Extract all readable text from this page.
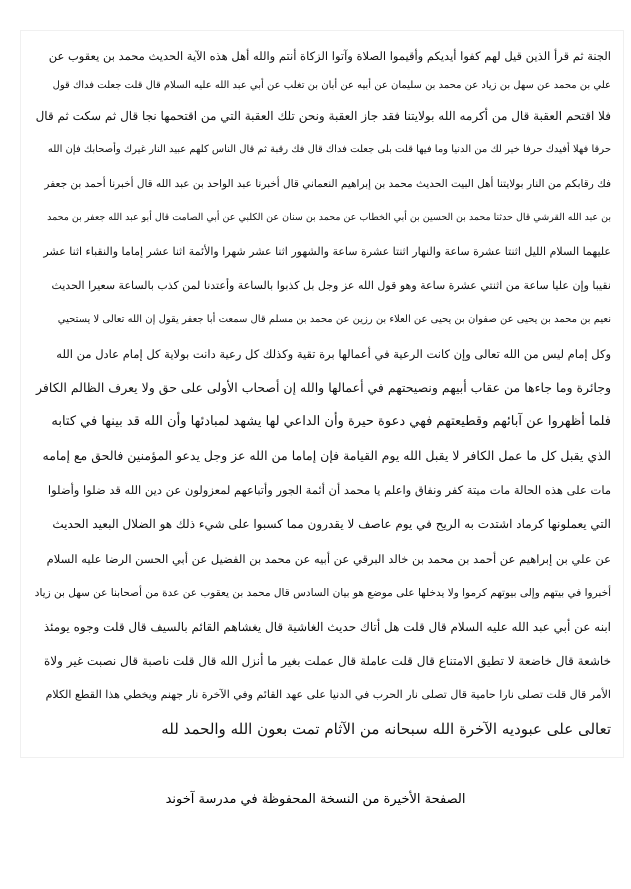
الجنة ثم قرأ الذين قيل لهم كفوا أيديكم وأقيموا الصلاة وآتوا الزكاة أنتم والله أهل هذه الآية الحديث محمد بن يعقوب عن
علي بن محمد عن سهل بن زياد عن محمد بن سليمان عن أبيه عن أبان بن تغلب عن أبي عبد الله عليه السلام قال قلت جعلت فداك قول
فلا اقتحم العقبة قال من أكرمه الله بولايتنا فقد جاز العقبة ونحن تلك العقبة التي من اقتحمها نجا قال ثم سكت ثم قال
حرقا فهلا أفيدك حرفا خير لك من الدنيا وما فيها قلت بلى جعلت فداك قال فك رقبة ثم قال الناس كلهم عبيد النار غيرك وأصحابك فإن الله
فك رقابكم من النار بولايتنا أهل البيت الحديث محمد بن إبراهيم النعماني قال أخبرنا عبد الواحد بن عبد الله قال أخبرنا أحمد بن جعفر
بن عبد الله القرشي قال حدثنا محمد بن الحسين بن أبي الخطاب عن محمد بن سنان عن الكلبي عن أبي الصامت قال أبو عبد الله جعفر بن محمد
عليهما السلام الليل اثنتا عشرة ساعة والنهار اثنتا عشرة ساعة والشهور اثنا عشر شهرا والأئمة اثنا عشر إماما والنقباء اثنا عشر
نقيبا وإن عليا ساعة من اثنتي عشرة ساعة وهو قول الله عز وجل بل كذبوا بالساعة وأعتدنا لمن كذب بالساعة سعيرا الحديث
نعيم بن محمد بن يحيى عن صفوان بن يحيى عن العلاء بن رزين عن محمد بن مسلم قال سمعت أبا جعفر يقول إن الله تعالى لا يستحيي
وكل إمام ليس من الله تعالى وإن كانت الرعية في أعمالها برة تقية وكذلك كل رعية دانت بولاية كل إمام عادل من الله
وجائرة وما جاءها من عقاب أبيهم ونصيحتهم في أعمالها والله إن أصحاب الأولى على حق ولا يعرف الظالم الكافر
فلما أظهروا عن آبائهم وقطيعتهم فهي دعوة حيرة وأن الداعي لها يشهد لمبادئها وأن الله قد بينها في كتابه
الذي يقبل كل ما عمل الكافر لا يقبل الله يوم القيامة فإن إماما من الله عز وجل يدعو المؤمنين فالحق مع إمامه
مات على هذه الحالة مات ميتة كفر ونفاق واعلم يا محمد أن أئمة الجور وأتباعهم لمعزولون عن دين الله قد ضلوا وأضلوا
التي يعملونها كرماد اشتدت به الريح في يوم عاصف لا يقدرون مما كسبوا على شيء ذلك هو الضلال البعيد الحديث
عن علي بن إبراهيم عن أحمد بن محمد بن خالد البرقي عن أبيه عن محمد بن الفضيل عن أبي الحسن الرضا عليه السلام
أخبروا في بيتهم وإلى بيوتهم كرموا ولا يدخلها على موضع هو بيان السادس قال محمد بن يعقوب عن عدة من أصحابنا عن سهل بن زياد
ابنه عن أبي عبد الله عليه السلام قال قلت هل أتاك حديث الغاشية قال يغشاهم القائم بالسيف قال قلت وجوه يومئذ
خاشعة قال خاضعة لا تطيق الامتناع قال قلت عاملة قال عملت بغير ما أنزل الله قال قلت ناصبة قال نصبت غير ولاة
الأمر قال قلت تصلى نارا حامية قال تصلى نار الحرب في الدنيا على عهد القائم وفي الآخرة نار جهنم ويخطي هذا القطع الكلام
تعالى على عبوديه الآخرة الله سبحانه من الآثام تمت بعون الله والحمد لله
الصفحة الأخيرة من النسخة المحفوظة في مدرسة آخوند
